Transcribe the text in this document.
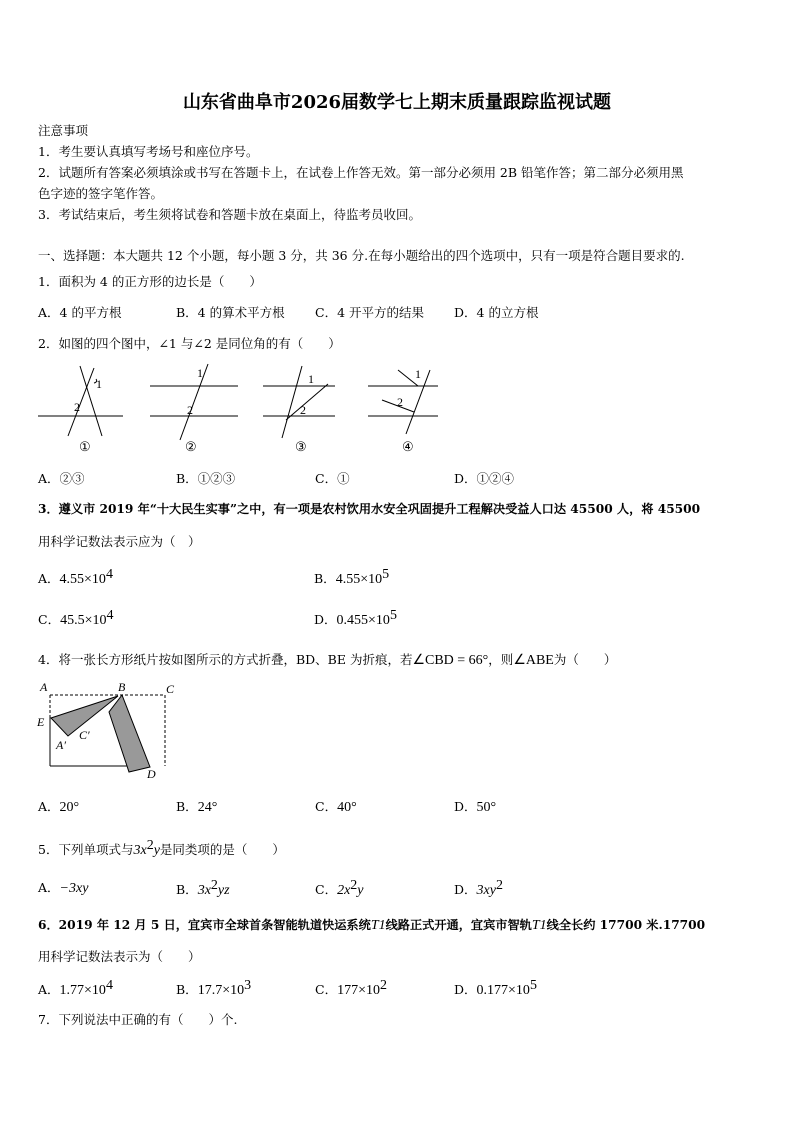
山东省曲阜市2026届数学七上期末质量跟踪监视试题
注意事项
1．考生要认真填写考场号和座位序号。
2．试题所有答案必须填涂或书写在答题卡上，在试卷上作答无效。第一部分必须用 2B 铅笔作答；第二部分必须用黑
色字迹的签字笔作答。
3．考试结束后，考生须将试卷和答题卡放在桌面上，待监考员收回。
一、选择题：本大题共 12 个小题，每小题 3 分，共 36 分.在每小题给出的四个选项中，只有一项是符合题目要求的.
1．面积为 4 的正方形的边长是（　　）
A．4 的平方根	B．4 的算术平方根 C．4 开平方的结果 D．4 的立方根
2．如图的四个图中，∠1 与∠2 是同位角的有（　　）
1
2
1
2
1
2
1
2
①	②	③	④
A．②③	B．①②③	C．①	D．①②④
3．遵义市 2019 年“十大民生实事”之中，有一项是农村饮用水安全巩固提升工程解决受益人口达 45500 人，将 45500
用科学记数法表示应为（　）
A．$4.55\times 10^4$	B．$4.55\times 10^5$
C．$45.5\times 10^4$	D．$0.455\times 10^5$
4．将一张长方形纸片按如图所示的方式折叠，BD、BE 为折痕，若∠CBD = 66°，则∠ABE为（　　）
A	B	C
E
A′
C′
D
A．20°	B．24°	C．40°	D．50°
5．下列单项式与$3x^2y$是同类项的是（　　）
A．−3xy	B．$3x^2yz$	C．$2x^2y$	D．$3xy^2$
6．2019 年 12 月 5 日，宜宾市全球首条智能轨道快运系统T1线路正式开通，宜宾市智轨T1线全长约 17700 米.17700
用科学记数法表示为（　　）
A．$1.77\times 10^4$	B．$17.7\times 10^3$	C．$177\times 10^2$	D．$0.177\times 10^5$
7．下列说法中正确的有（　　）个.
